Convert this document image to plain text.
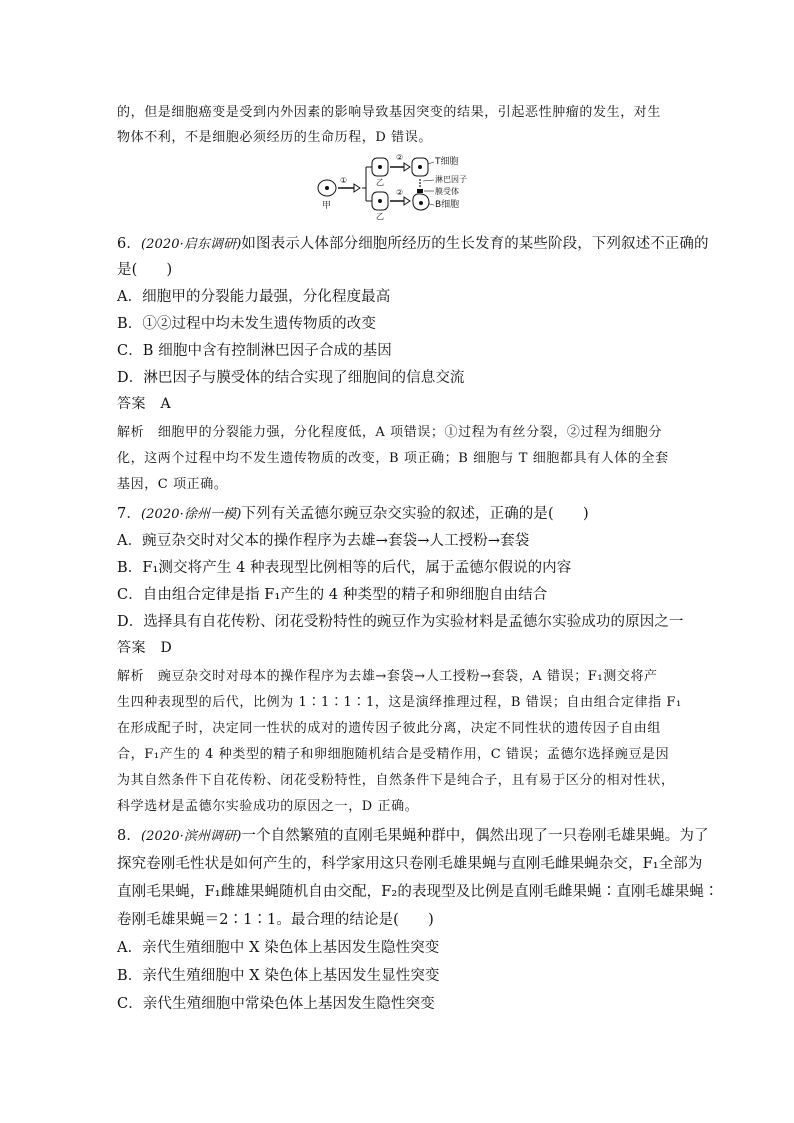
的，但是细胞癌变是受到内外因素的影响导致基因突变的结果，引起恶性肿瘤的发生，对生
物体不利，不是细胞必须经历的生命历程，D 错误。
甲
①	乙
②	T细胞
淋巴因子
膜受体
乙
②
B细胞
6．(2020·启东调研)如图表示人体部分细胞所经历的生长发育的某些阶段，下列叙述不正确的
是(　　)
A．细胞甲的分裂能力最强，分化程度最高
B．①②过程中均未发生遗传物质的改变
C．B 细胞中含有控制淋巴因子合成的基因
D．淋巴因子与膜受体的结合实现了细胞间的信息交流
答案　 A
解析　 细胞甲的分裂能力强，分化程度低，A 项错误；①过程为有丝分裂，②过程为细胞分
化，这两个过程中均不发生遗传物质的改变，B 项正确；B 细胞与 T 细胞都具有人体的全套
基因，C 项正确。
7．(2020·徐州一模)下列有关孟德尔豌豆杂交实验的叙述，正确的是(　　)
A．豌豆杂交时对父本的操作程序为去雄→套袋→人工授粉→套袋
B．F₁测交将产生 4 种表现型比例相等的后代，属于孟德尔假说的内容
C．自由组合定律是指 F₁产生的 4 种类型的精子和卵细胞自由结合
D．选择具有自花传粉、闭花受粉特性的豌豆作为实验材料是孟德尔实验成功的原因之一
答案　 D
解析　 豌豆杂交时对母本的操作程序为去雄→套袋→人工授粉→套袋，A 错误；F₁测交将产
生四种表现型的后代，比例为 1∶1∶1∶1，这是演绎推理过程，B 错误；自由组合定律指 F₁
在形成配子时，决定同一性状的成对的遗传因子彼此分离，决定不同性状的遗传因子自由组
合，F₁产生的 4 种类型的精子和卵细胞随机结合是受精作用，C 错误；孟德尔选择豌豆是因
为其自然条件下自花传粉、闭花受粉特性，自然条件下是纯合子，且有易于区分的相对性状，
科学选材是孟德尔实验成功的原因之一，D 正确。
8．(2020·滨州调研)一个自然繁殖的直刚毛果蝇种群中，偶然出现了一只卷刚毛雄果蝇。为了
探究卷刚毛性状是如何产生的，科学家用这只卷刚毛雄果蝇与直刚毛雌果蝇杂交，F₁全部为
直刚毛果蝇，F₁雌雄果蝇随机自由交配，F₂的表现型及比例是直刚毛雌果蝇∶直刚毛雄果蝇∶
卷刚毛雄果蝇＝2∶1∶1。最合理的结论是(　　)
A．亲代生殖细胞中 X 染色体上基因发生隐性突变
B．亲代生殖细胞中 X 染色体上基因发生显性突变
C．亲代生殖细胞中常染色体上基因发生隐性突变
